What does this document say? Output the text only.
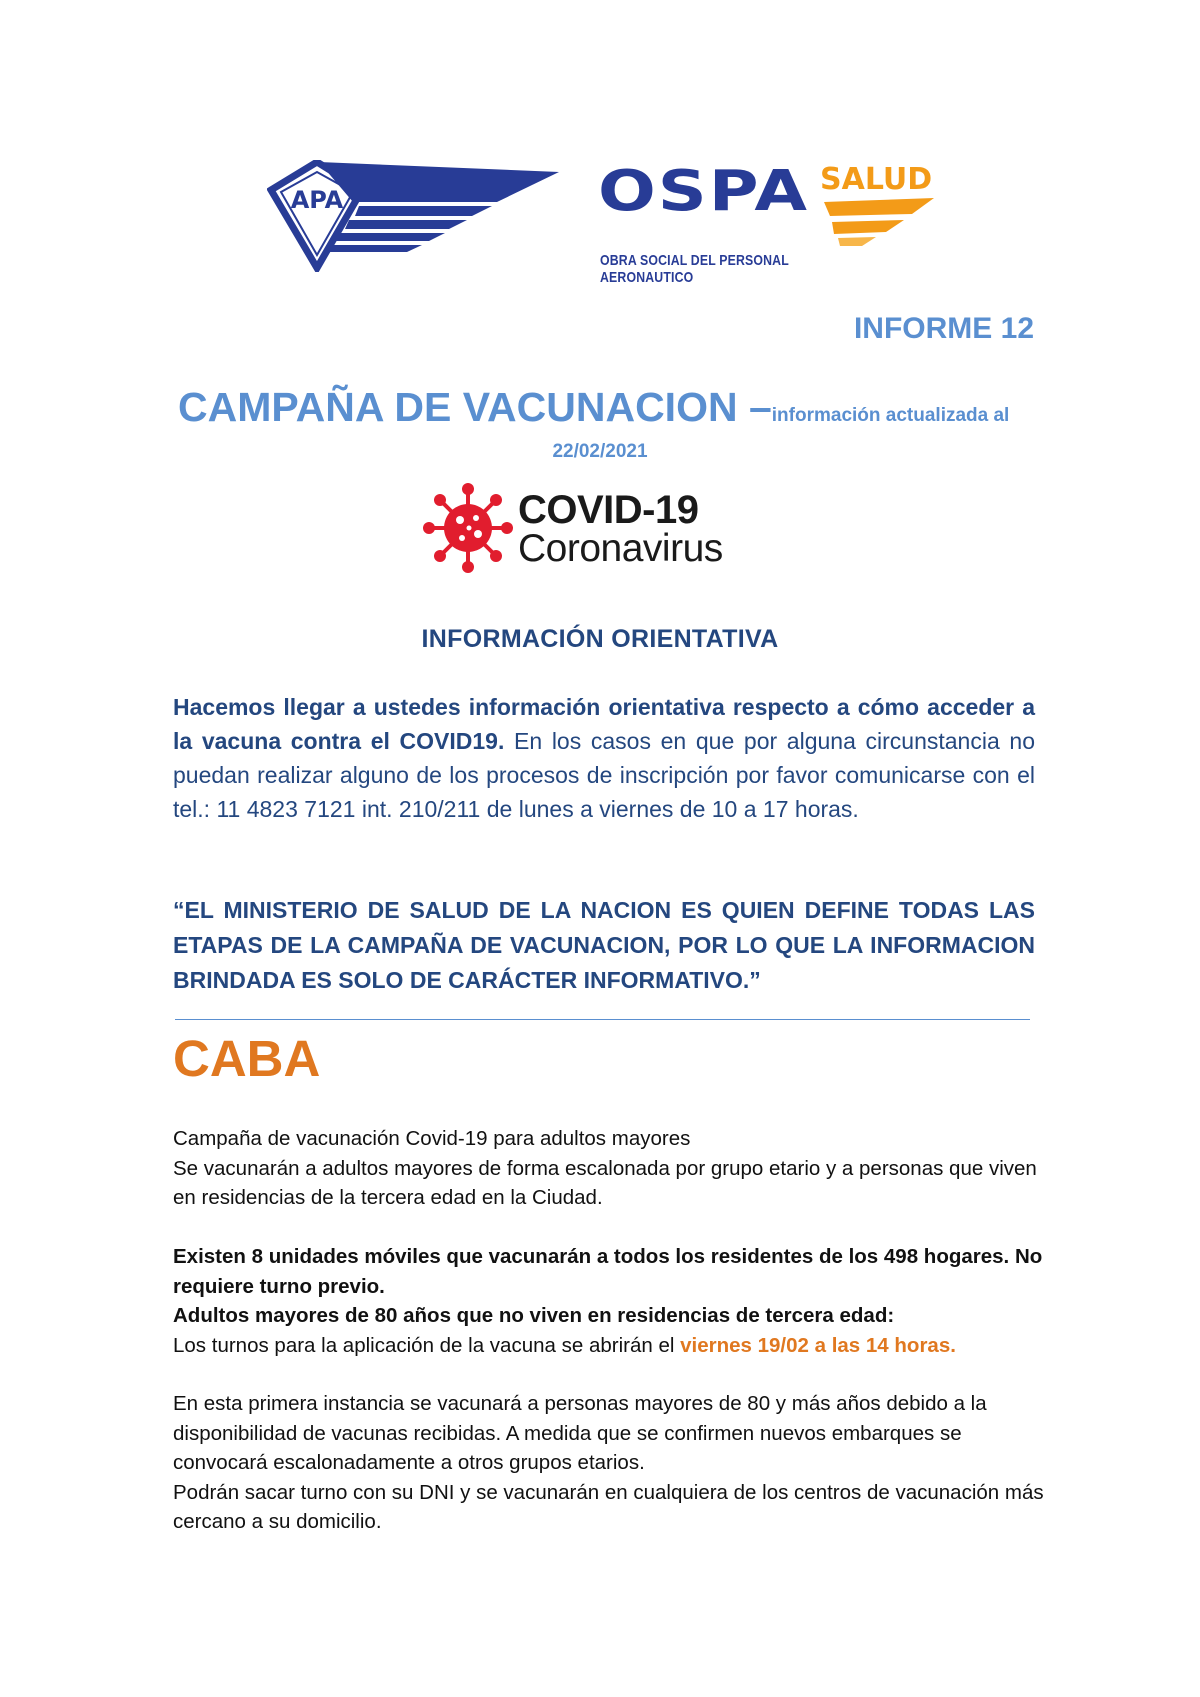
APA	OSPA SALUD
OBRA SOCIAL DEL PERSONAL AERONAUTICO
INFORME 12
CAMPAÑA DE VACUNACION –información actualizada al
22/02/2021
COVID-19
Coronavirus
INFORMACIÓN ORIENTATIVA
Hacemos llegar a ustedes información orientativa respecto a cómo acceder a la vacuna contra el COVID19. En los casos en que por alguna circunstancia no puedan realizar alguno de los procesos de inscripción por favor comunicarse con el tel.: 11 4823 7121 int. 210/211 de lunes a viernes de 10 a 17 horas.
“EL MINISTERIO DE SALUD DE LA NACION ES QUIEN DEFINE TODAS LAS ETAPAS DE LA CAMPAÑA DE VACUNACION, POR LO QUE LA INFORMACION BRINDADA ES SOLO DE CARÁCTER INFORMATIVO.”
CABA
Campaña de vacunación Covid-19 para adultos mayores
Se vacunarán a adultos mayores de forma escalonada por grupo etario y a personas que viven en residencias de la tercera edad en la Ciudad.
Existen 8 unidades móviles que vacunarán a todos los residentes de los 498 hogares. No requiere turno previo.
Adultos mayores de 80 años que no viven en residencias de tercera edad:
Los turnos para la aplicación de la vacuna se abrirán el viernes 19/02 a las 14 horas.
En esta primera instancia se vacunará a personas mayores de 80 y más años debido a la disponibilidad de vacunas recibidas. A medida que se confirmen nuevos embarques se convocará escalonadamente a otros grupos etarios.
Podrán sacar turno con su DNI y se vacunarán en cualquiera de los centros de vacunación más cercano a su domicilio.
